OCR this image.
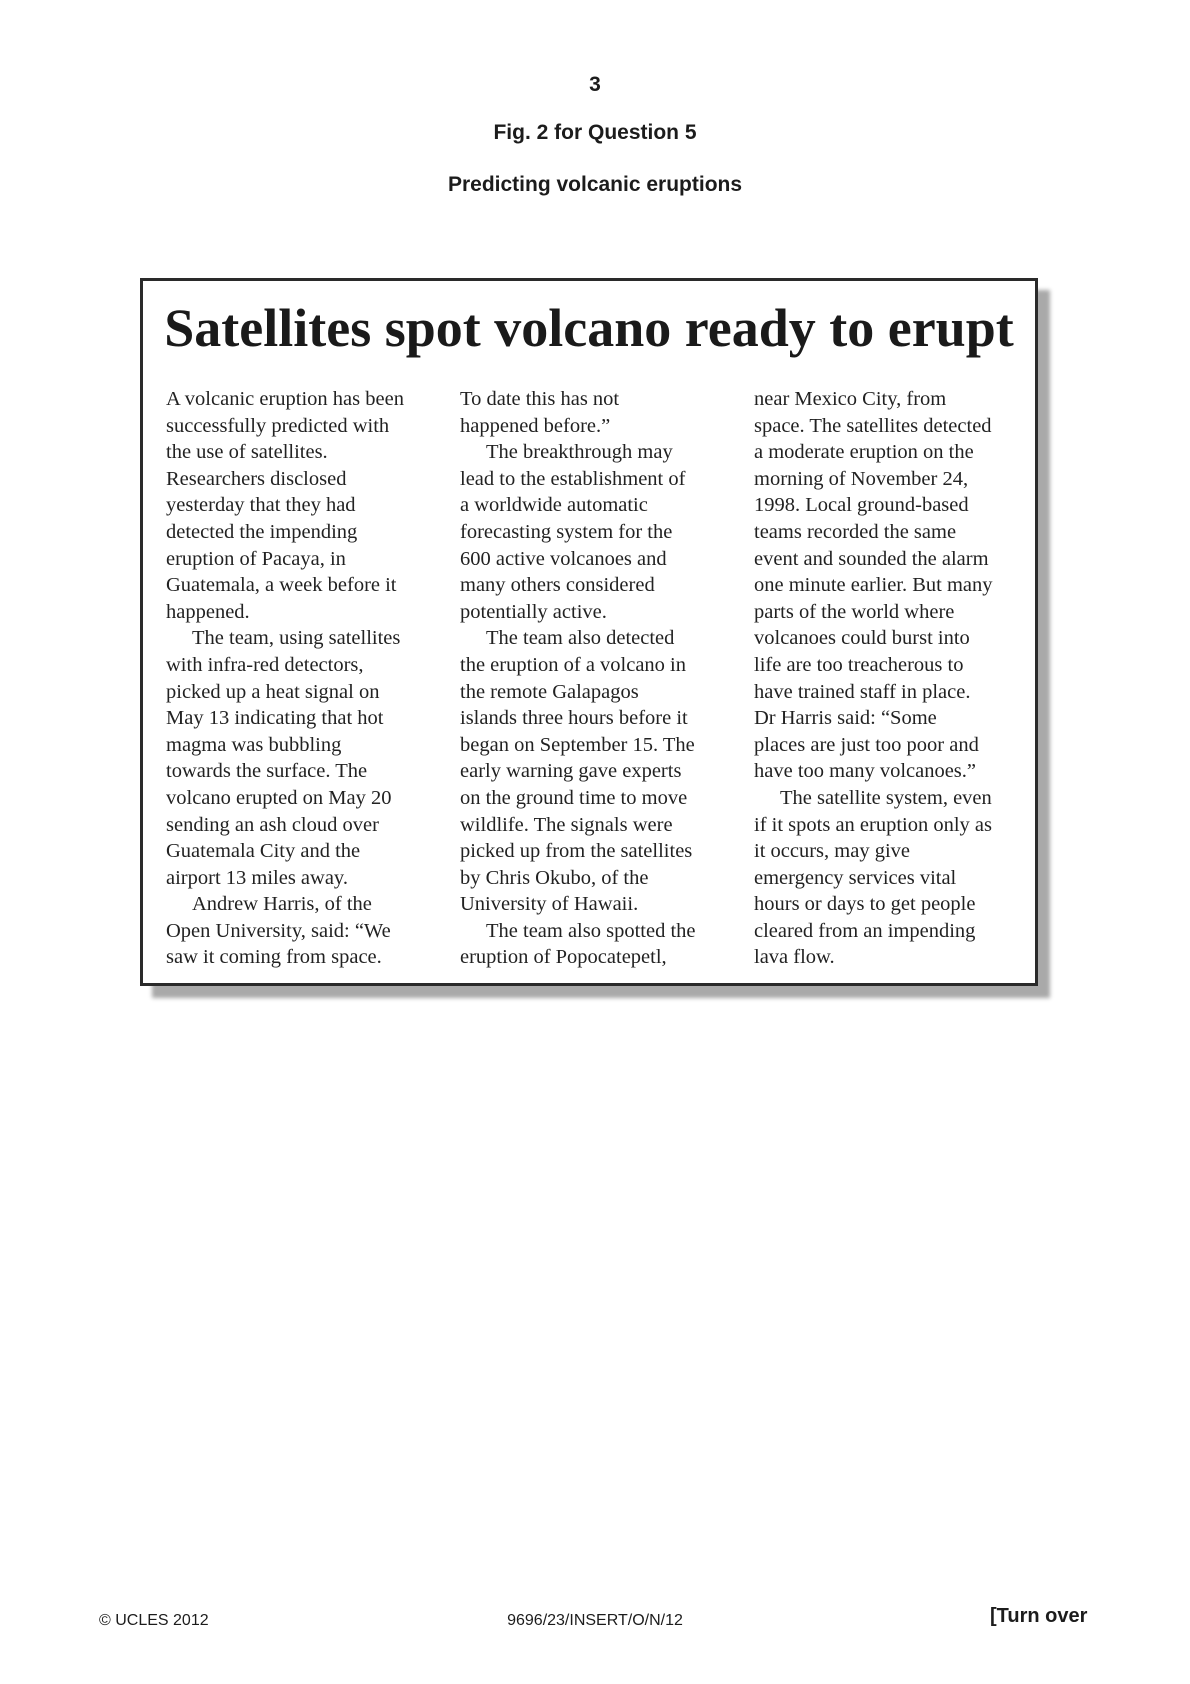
3
Fig. 2 for Question 5
Predicting volcanic eruptions
Satellites spot volcano ready to erupt
A volcanic eruption has been
successfully predicted with
the use of satellites.
Researchers disclosed
yesterday that they had
detected the impending
eruption of Pacaya, in
Guatemala, a week before it
happened.
The team, using satellites
with infra-red detectors,
picked up a heat signal on
May 13 indicating that hot
magma was bubbling
towards the surface. The
volcano erupted on May 20
sending an ash cloud over
Guatemala City and the
airport 13 miles away.
Andrew Harris, of the
Open University, said: “We
saw it coming from space.
To date this has not
happened before.”
The breakthrough may
lead to the establishment of
a worldwide automatic
forecasting system for the
600 active volcanoes and
many others considered
potentially active.
The team also detected
the eruption of a volcano in
the remote Galapagos
islands three hours before it
began on September 15. The
early warning gave experts
on the ground time to move
wildlife. The signals were
picked up from the satellites
by Chris Okubo, of the
University of Hawaii.
The team also spotted the
eruption of Popocatepetl,
near Mexico City, from
space. The satellites detected
a moderate eruption on the
morning of November 24,
1998. Local ground-based
teams recorded the same
event and sounded the alarm
one minute earlier. But many
parts of the world where
volcanoes could burst into
life are too treacherous to
have trained staff in place.
Dr Harris said: “Some
places are just too poor and
have too many volcanoes.”
The satellite system, even
if it spots an eruption only as
it occurs, may give
emergency services vital
hours or days to get people
cleared from an impending
lava flow.
© UCLES 2012	9696/23/INSERT/O/N/12	[Turn over
